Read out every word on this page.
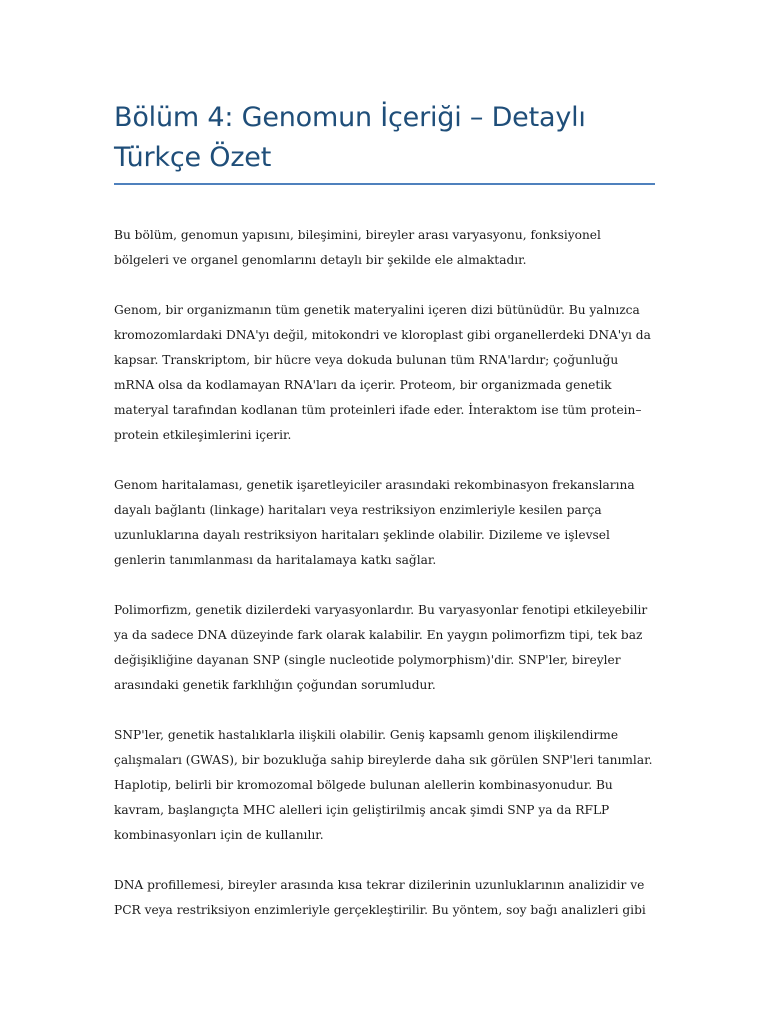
Bölüm 4: Genomun İçeriği – Detaylı Türkçe Özet

Bu bölüm, genomun yapısını, bileşimini, bireyler arası varyasyonu, fonksiyonel bölgeleri ve organel genomlarını detaylı bir şekilde ele almaktadır.

Genom, bir organizmanın tüm genetik materyalini içeren dizi bütünüdür. Bu yalnızca kromozomlardaki DNA'yı değil, mitokondri ve kloroplast gibi organellerdeki DNA'yı da kapsar. Transkriptom, bir hücre veya dokuda bulunan tüm RNA'lardır; çoğunluğu mRNA olsa da kodlamayan RNA'ları da içerir. Proteom, bir organizmada genetik materyal tarafından kodlanan tüm proteinleri ifade eder. İnteraktom ise tüm protein–protein etkileşimlerini içerir.

Genom haritalaması, genetik işaretleyiciler arasındaki rekombinasyon frekanslarına dayalı bağlantı (linkage) haritaları veya restriksiyon enzimleriyle kesilen parça uzunluklarına dayalı restriksiyon haritaları şeklinde olabilir. Dizileme ve işlevsel genlerin tanımlanması da haritalamaya katkı sağlar.

Polimorfizm, genetik dizilerdeki varyasyonlardır. Bu varyasyonlar fenotipi etkileyebilir ya da sadece DNA düzeyinde fark olarak kalabilir. En yaygın polimorfizm tipi, tek baz değişikliğine dayanan SNP (single nucleotide polymorphism)'dir. SNP'ler, bireyler arasındaki genetik farklılığın çoğundan sorumludur.

SNP'ler, genetik hastalıklarla ilişkili olabilir. Geniş kapsamlı genom ilişkilendirme çalışmaları (GWAS), bir bozukluğa sahip bireylerde daha sık görülen SNP'leri tanımlar. Haplotip, belirli bir kromozomal bölgede bulunan alellerin kombinasyonudur. Bu kavram, başlangıçta MHC alelleri için geliştirilmiş ancak şimdi SNP ya da RFLP kombinasyonları için de kullanılır.

DNA profillemesi, bireyler arasında kısa tekrar dizilerinin uzunluklarının analizidir ve PCR veya restriksiyon enzimleriyle gerçekleştirilir. Bu yöntem, soy bağı analizleri gibi
